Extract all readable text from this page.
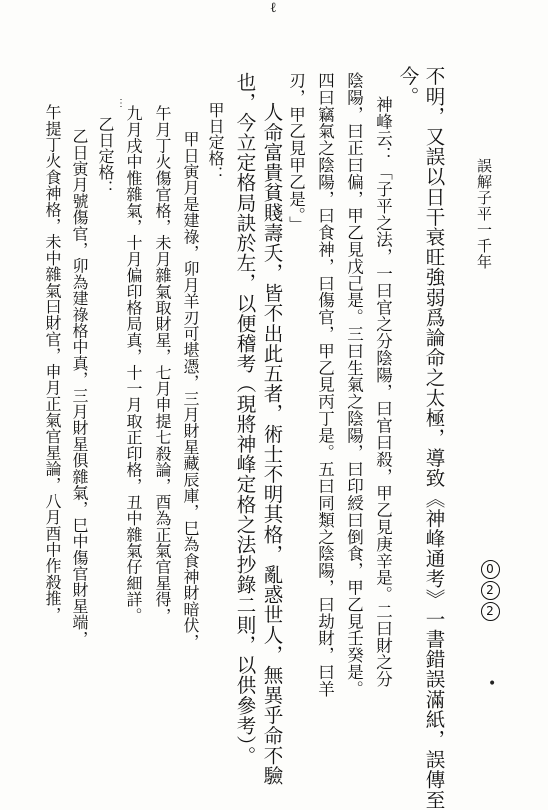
誤解子平一千年
0
2
2
ℓ
•
⋮	不明，又誤以日干衰旺強弱爲論命之太極，導致《神峰通考》一書錯誤滿紙，誤傳至
今。
神峰云：「子平之法，一曰官之分陰陽，曰官曰殺，甲乙見庚辛是。二曰財之分
陰陽，曰正曰偏，甲乙見戊己是。三曰生氣之陰陽，曰印綬曰倒食，甲乙見壬癸是。
四曰竊氣之陰陽，曰食神，曰傷官，甲乙見丙丁是。五曰同類之陰陽，曰劫財，曰羊
刃，甲乙見甲乙是。」
人命富貴貧賤壽夭，皆不出此五者，術士不明其格，亂惑世人，無異乎命不驗
也，今立定格局訣於左，以便稽考（現將神峰定格之法抄錄二則，以供參考）。
甲日定格：
甲日寅月是建祿，卯月羊刃可堪憑，三月財星藏辰庫，巳為食神財暗伏，
午月丁火傷官格，未月雜氣取財星，七月申提七殺論，酉為正氣官星得，
九月戌中惟雜氣，十月偏印格局真，十一月取正印格，丑中雜氣仔細詳。
乙日定格：
乙日寅月號傷官，卯為建祿格中真，三月財星俱雜氣，巳中傷官財星端，
午提丁火食神格，未中雜氣曰財官，申月正氣官星論，八月酉中作殺推，
